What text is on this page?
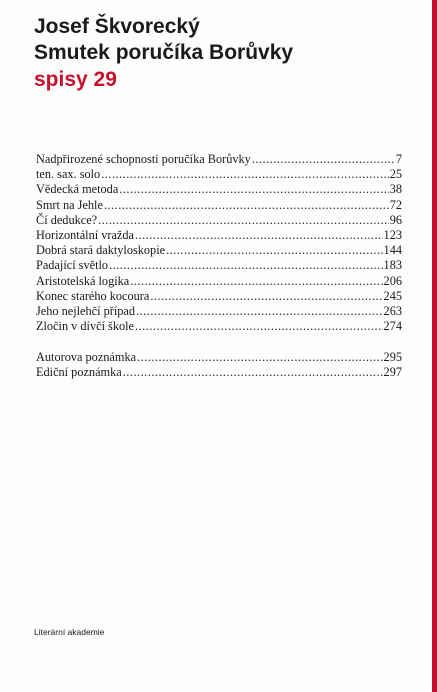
Josef Škvorecký
Smutek poručíka Borůvky
spisy 29
Nadpřirozené schopnosti poručíka Borůvky .....	7
ten. sax. solo .....	25
Vědecká metoda .....	38
Smrt na Jehle .....	72
Čí dedukce? .....	96
Horizontální vražda .....	123
Dobrá stará daktyloskopie .....	144
Padající světlo .....	183
Aristotelská logika .....	206
Konec starého kocoura .....	245
Jeho nejlehčí případ .....	263
Zločin v dívčí škole .....	274
Autorova poznámka .....	295
Ediční poznámka .....	297
Literární akademie
